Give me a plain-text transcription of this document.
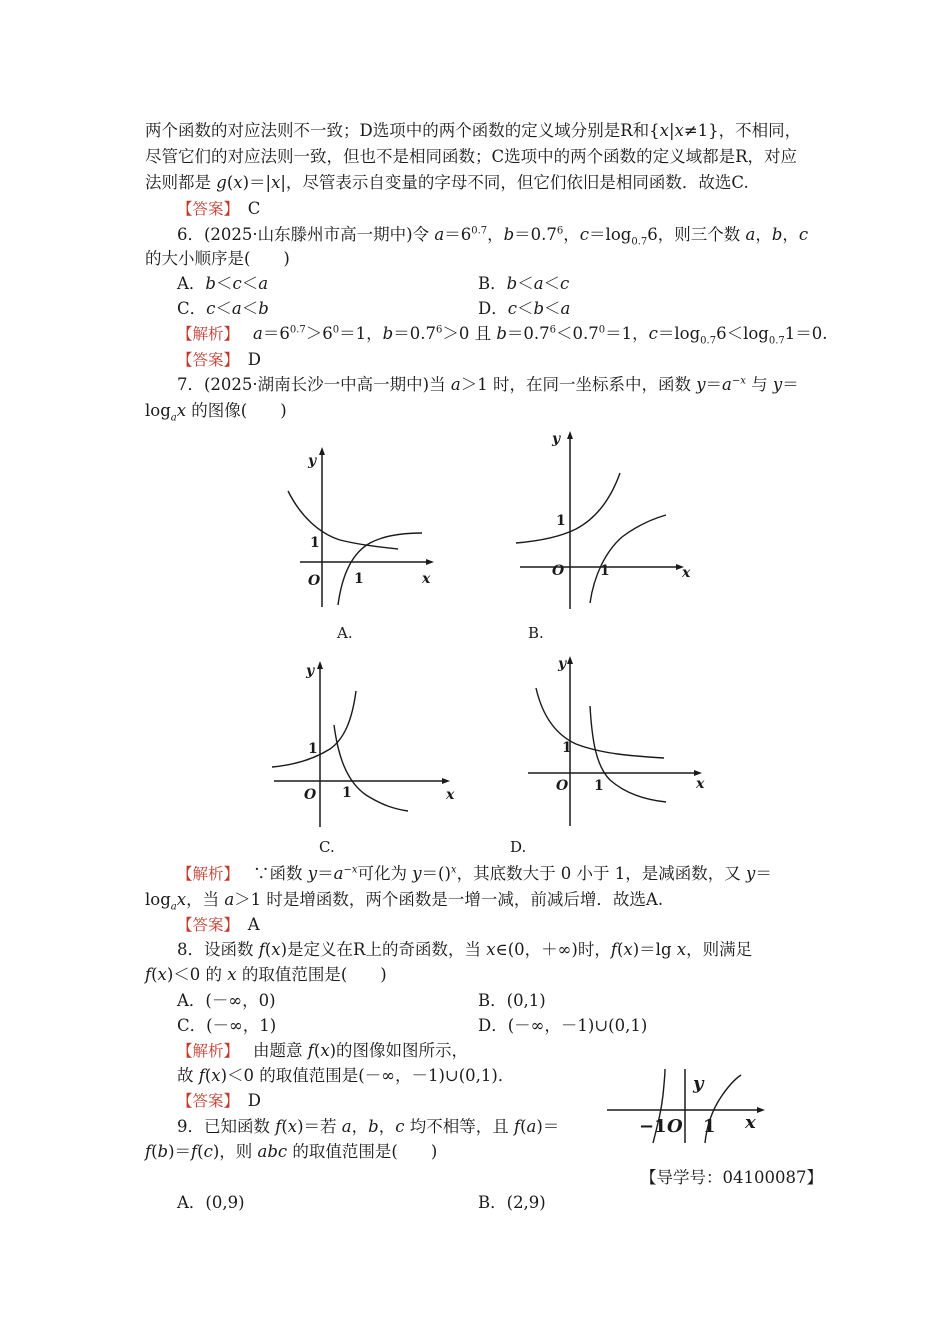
两个函数的对应法则不一致；D选项中的两个函数的定义域分别是R和{x|x≠1}，不相同，
尽管它们的对应法则一致，但也不是相同函数；C选项中的两个函数的定义域都是R，对应
法则都是 g(x)＝|x|，尽管表示自变量的字母不同，但它们依旧是相同函数．故选C.
【答案】　 C
6．(2025·山东滕州市高一期中)令 $a=6^{0.7}$，$b=0.7^6$，$c=\log_{0.7}6$，则三个数 a，b，c
的大小顺序是(　　)
A．b＜c＜a	B．b＜a＜c
C．c＜a＜b	D．c＜b＜a
【解析】　 $a=6^{0.7}>6^0=1$，$b=0.7^6>0$ 且 $b=0.7^6<0.7^0=1$，$c=\log_{0.7}6<\log_{0.7}1=0$.
【答案】　 D
7．(2025·湖南长沙一中高一期中)当 a＞1 时，在同一坐标系中，函数 $y=a^{-x}$ 与 y＝
$\log_ax$ 的图像(　　)
y
1
O 1	x
A.
y
1
O	1	x
B.
y
1
O 1	x
C.
y
1
O 1	x
D.
【解析】　 ∵函数 $y=a^{-x}$可化为 y＝()$^x$，其底数大于 0 小于 1，是减函数，又 y＝
$\log_ax$，当 a＞1 时是增函数，两个函数是一增一减，前减后增．故选A.
【答案】　 A
8．设函数 f(x)是定义在R上的奇函数，当 x∈(0，＋∞)时，f(x)＝lg x，则满足
f(x)＜0 的 x 的取值范围是(　　)
A．(－∞，0)	B．(0,1)
C．(－∞，1)	D．(－∞，－1)∪(0,1)
【解析】　 由题意 f(x)的图像如图所示，
故 f(x)＜0 的取值范围是(－∞，－1)∪(0,1)．
【答案】　 D
y
−1 O 1 x
9．已知函数 f(x)＝若 a，b，c 均不相等，且 f(a)＝
f(b)＝f(c)，则 abc 的取值范围是(　　)
【导学号：04100087】
A．(0,9)	B．(2,9)
